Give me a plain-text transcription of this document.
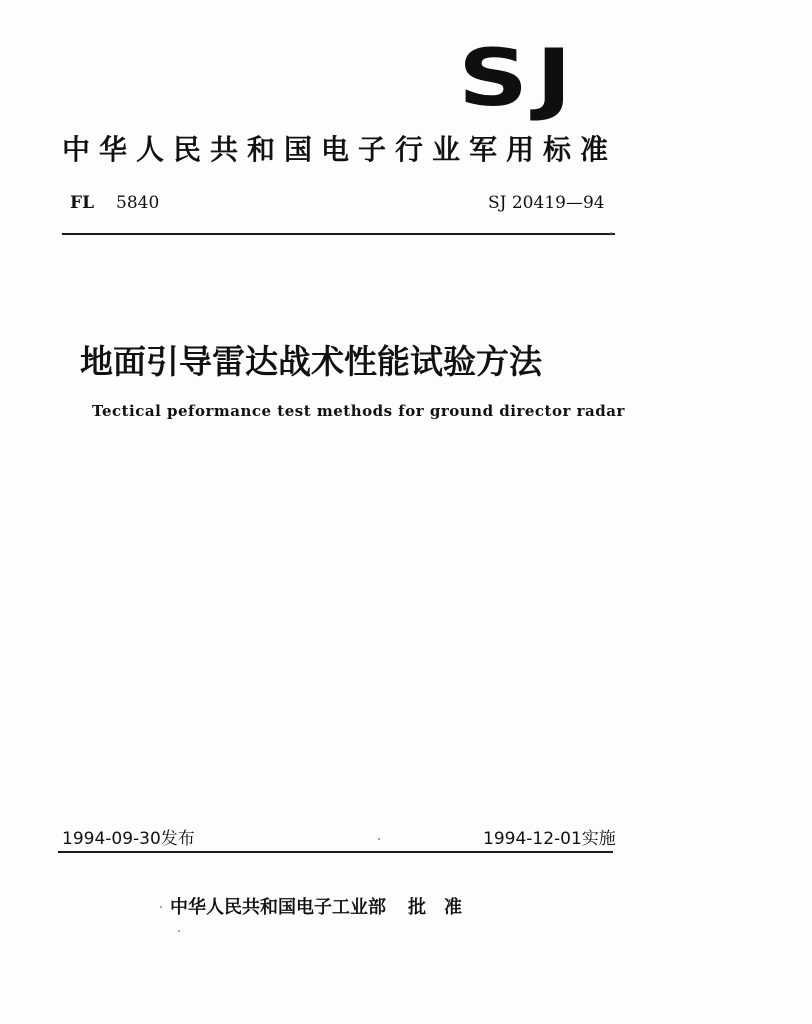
SJ
中华人民共和国电子行业军用标准
FL 5840	SJ 20419—94
地面引导雷达战术性能试验方法
Tectical peformance test methods for ground director radar
1994-09-30发布	1994-12-01实施
中华人民共和国电子工业部 批准
